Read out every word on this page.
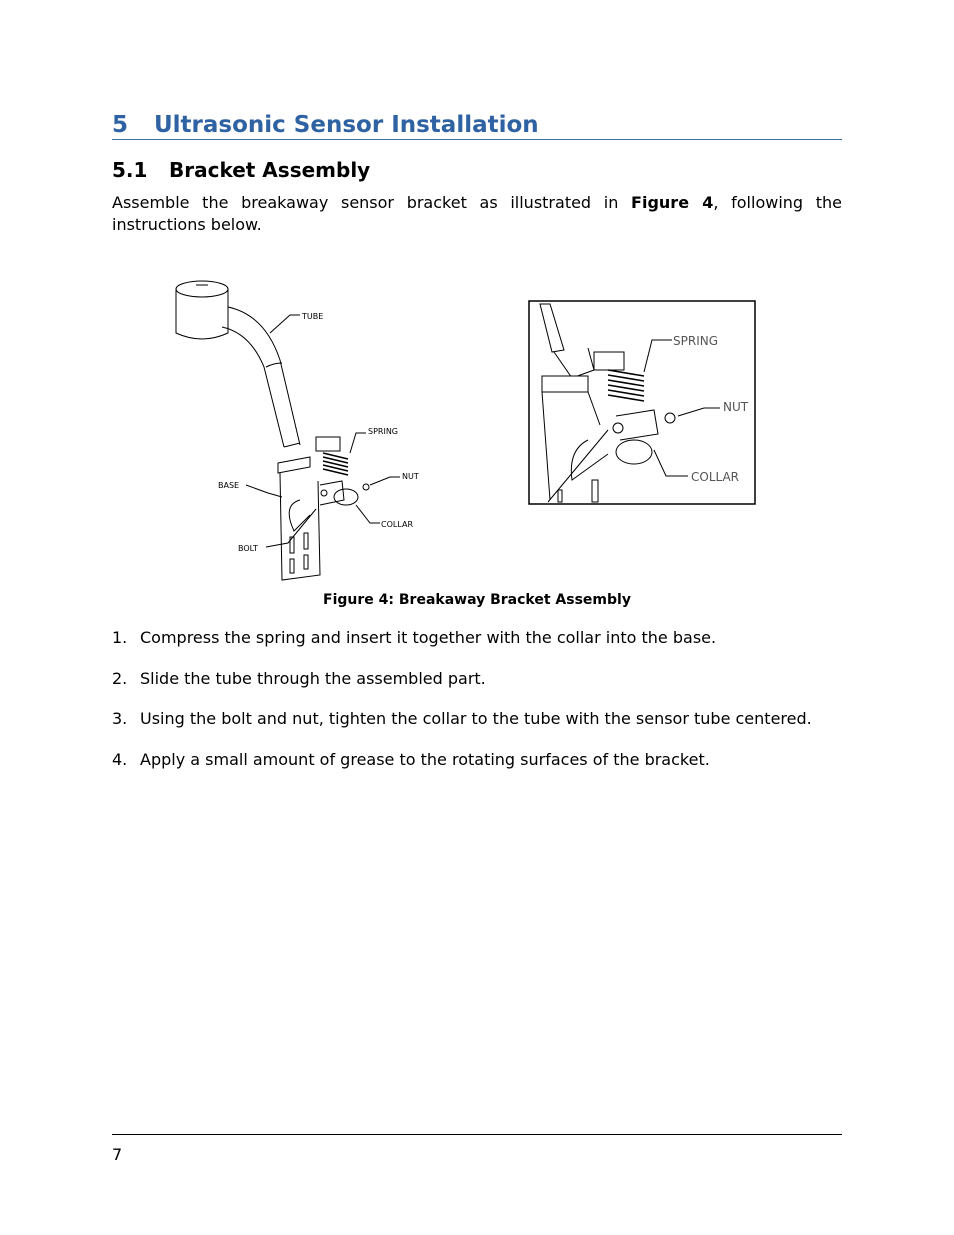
5 Ultrasonic Sensor Installation
5.1 Bracket Assembly

Assemble the breakaway sensor bracket as illustrated in Figure 4, following the instructions below.

TUBE
SPRING
NUT
BASE
COLLAR
BOLT
SPRING
NUT
COLLAR
Figure 4: Breakaway Bracket Assembly
1. Compress the spring and insert it together with the collar into the base.
2. Slide the tube through the assembled part.
3. Using the bolt and nut, tighten the collar to the tube with the sensor tube centered.
4. Apply a small amount of grease to the rotating surfaces of the bracket.
7
